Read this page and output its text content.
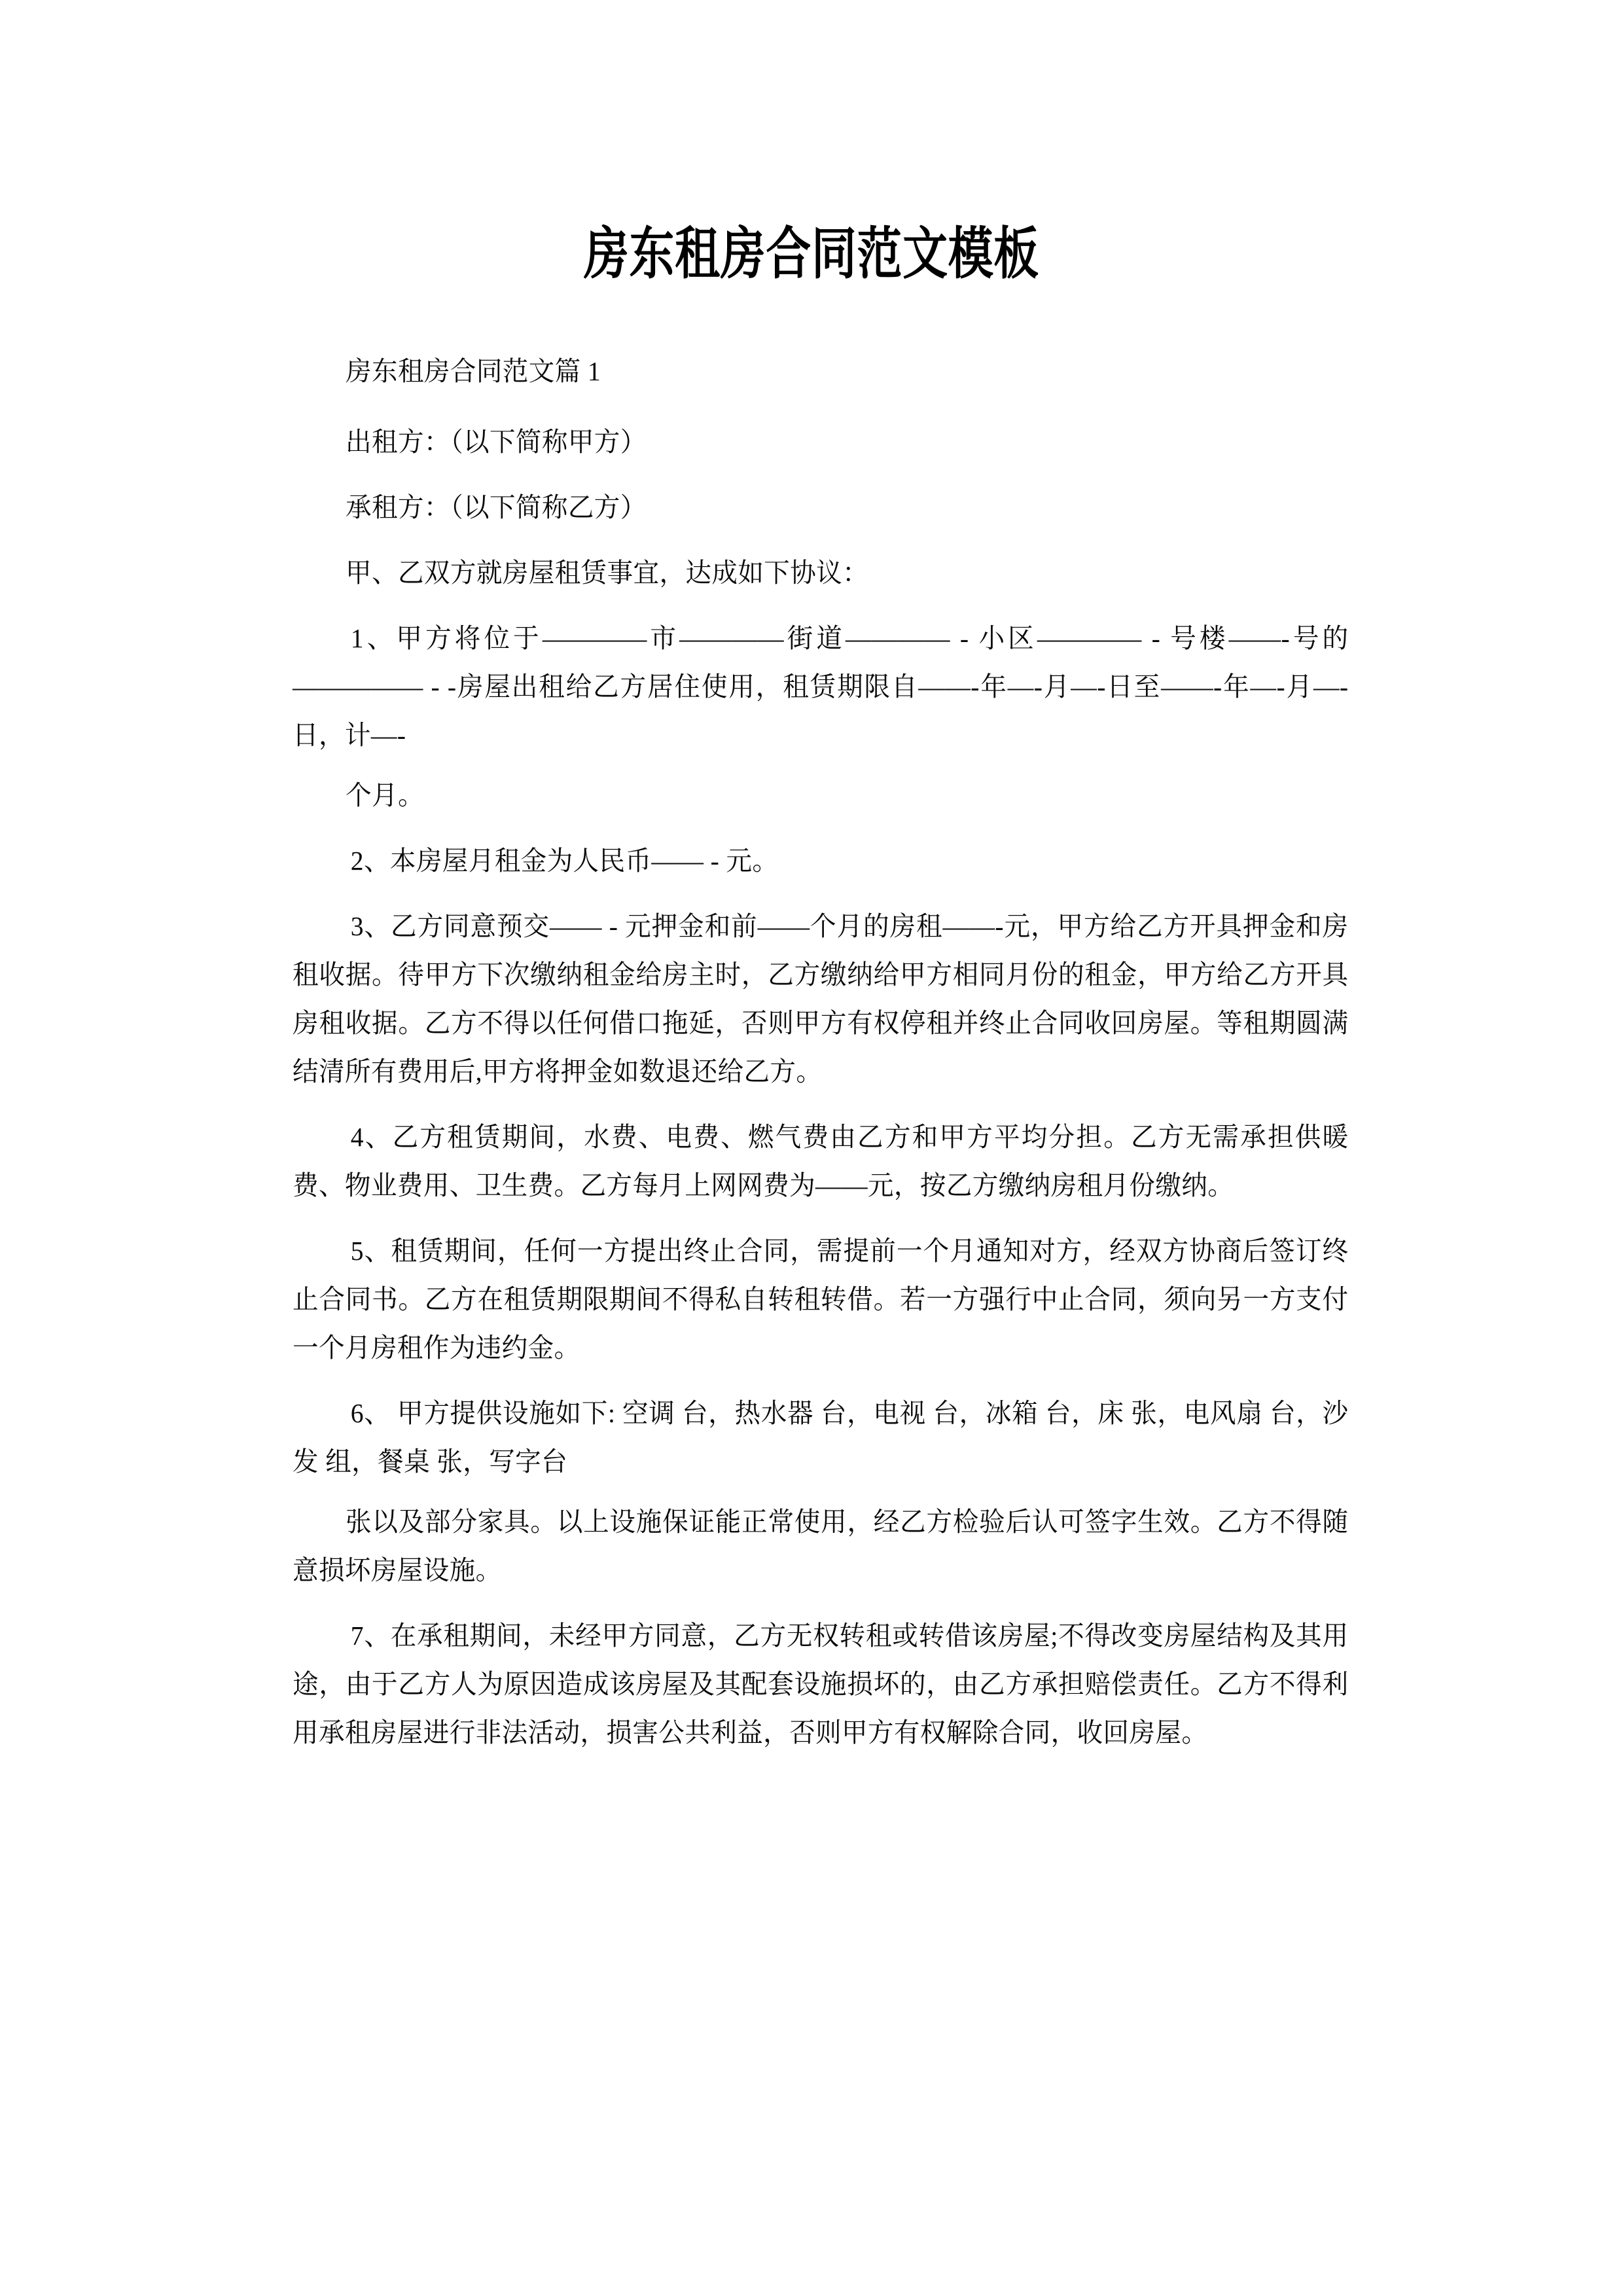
房东租房合同范文模板

房东租房合同范文篇 1

出租方：（以下简称甲方）

承租方：（以下简称乙方）

甲、乙双方就房屋租赁事宜，达成如下协议：

1、甲方将位于————市————街道———— - 小区———— - 号楼——-号的————— - -房屋出租给乙方居住使用，租赁期限自——-年—-月—-日至——-年—-月—-日，计—-

个月。

2、本房屋月租金为人民币—— - 元。

3、乙方同意预交—— - 元押金和前——个月的房租——-元，甲方给乙方开具押金和房租收据。待甲方下次缴纳租金给房主时，乙方缴纳给甲方相同月份的租金，甲方给乙方开具房租收据。乙方不得以任何借口拖延，否则甲方有权停租并终止合同收回房屋。等租期圆满结清所有费用后,甲方将押金如数退还给乙方。

4、乙方租赁期间，水费、电费、燃气费由乙方和甲方平均分担。乙方无需承担供暖费、物业费用、卫生费。乙方每月上网网费为——元，按乙方缴纳房租月份缴纳。

5、租赁期间，任何一方提出终止合同，需提前一个月通知对方，经双方协商后签订终止合同书。乙方在租赁期限期间不得私自转租转借。若一方强行中止合同，须向另一方支付一个月房租作为违约金。

6、 甲方提供设施如下: 空调 台，热水器 台，电视 台，冰箱 台，床 张，电风扇 台，沙发 组，餐桌 张，写字台

张以及部分家具。以上设施保证能正常使用，经乙方检验后认可签字生效。乙方不得随意损坏房屋设施。

7、在承租期间，未经甲方同意，乙方无权转租或转借该房屋;不得改变房屋结构及其用途，由于乙方人为原因造成该房屋及其配套设施损坏的，由乙方承担赔偿责任。乙方不得利用承租房屋进行非法活动，损害公共利益，否则甲方有权解除合同，收回房屋。
